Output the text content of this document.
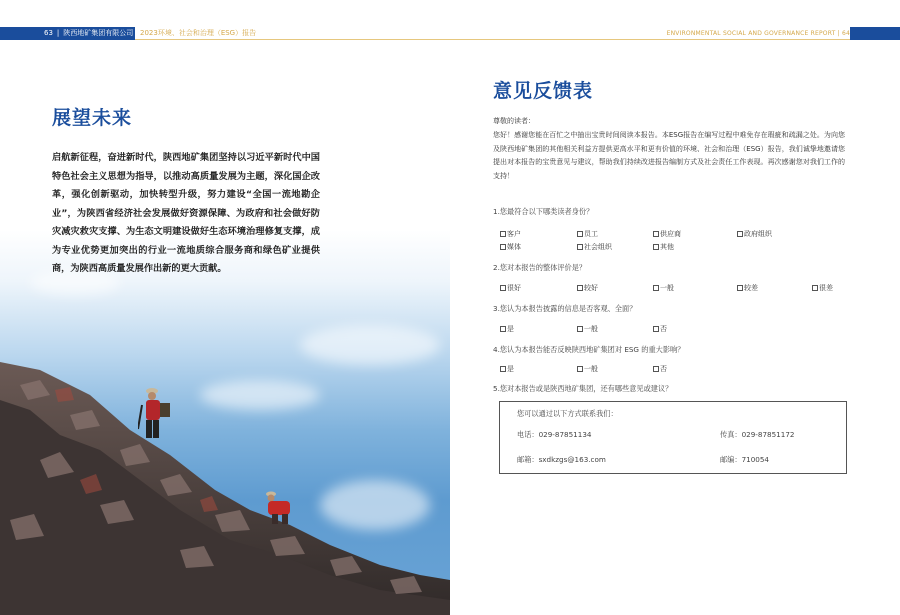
63 | 陕西地矿集团有限公司 2023环境、社会和治理（ESG）报告	ENVIRONMENTAL SOCIAL AND GOVERNANCE REPORT | 64
展望未来
启航新征程，奋进新时代，陕西地矿集团坚持以习近平新时代中国特色社会主义思想为指导，以推动高质量发展为主题，深化国企改革，强化创新驱动，加快转型升级，努力建设“全国一流地勘企业”，为陕西省经济社会发展做好资源保障、为政府和社会做好防灾减灾救灾支撑、为生态文明建设做好生态环境治理修复支撑，成为专业优势更加突出的行业一流地质综合服务商和绿色矿业提供商，为陕西高质量发展作出新的更大贡献。
意见反馈表
尊敬的读者：
您好！感谢您能在百忙之中抽出宝贵时间阅读本报告。本ESG报告在编写过程中难免存在瑕疵和疏漏之处。为向您及陕西地矿集团的其他相关利益方提供更高水平和更有价值的环境、社会和治理（ESG）报告，我们诚挚地邀请您提出对本报告的宝贵意见与建议，帮助我们持续改进报告编制方式及社会责任工作表现。再次感谢您对我们工作的支持！
1.您最符合以下哪类读者身份？
客户	员工	供应商	政府组织
媒体	社会组织	其他
2.您对本报告的整体评价是？
很好	较好	一般	较差	很差
3.您认为本报告披露的信息是否客观、全面？
是	一般	否
4.您认为本报告能否反映陕西地矿集团对 ESG 的重大影响？
是	一般	否
5.您对本报告或是陕西地矿集团，还有哪些意见或建议？
您可以通过以下方式联系我们：
电话：029-87851134	传真：029-87851172
邮箱：sxdkzgs@163.com	邮编：710054
